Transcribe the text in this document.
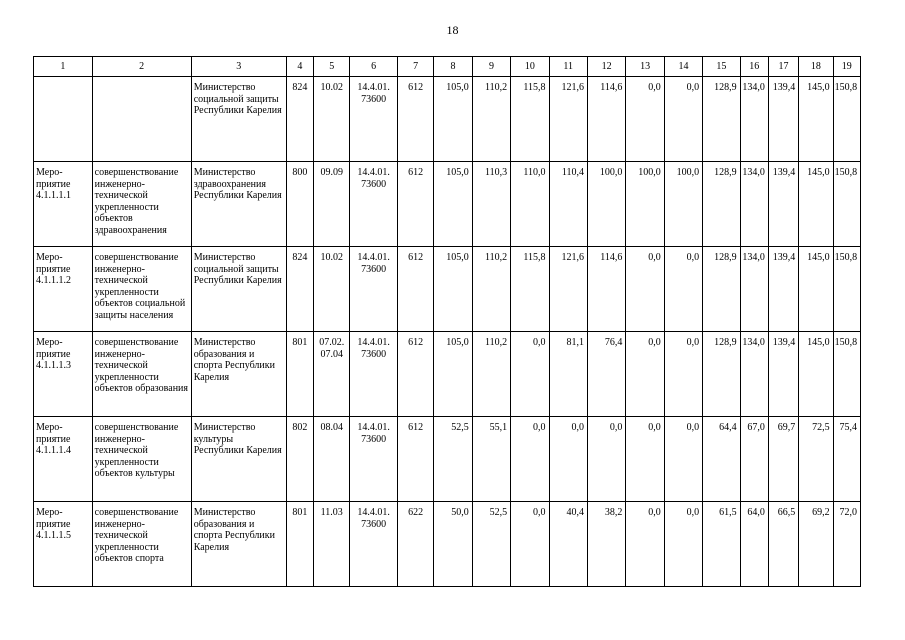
18
1	2	3	4	5	6	7	8	9	10	11	12	13	14	15	16	17	18	19
		Министерство социальной защиты Республики Карелия	824	10.02	14.4.01. 73600	612	105,0	110,2	115,8	121,6	114,6	0,0	0,0	128,9	134,0	139,4	145,0	150,8
Меро-приятие 4.1.1.1.1	совершенствование инженерно-технической укрепленности объектов здравоохранения	Министерство здравоохранения Республики Карелия	800	09.09	14.4.01. 73600	612	105,0	110,3	110,0	110,4	100,0	100,0	100,0	128,9	134,0	139,4	145,0	150,8
Меро-приятие 4.1.1.1.2	совершенствование инженерно-технической укрепленности объектов социальной защиты населения	Министерство социальной защиты Республики Карелия	824	10.02	14.4.01. 73600	612	105,0	110,2	115,8	121,6	114,6	0,0	0,0	128,9	134,0	139,4	145,0	150,8
Меро-приятие 4.1.1.1.3	совершенствование инженерно-технической укрепленности объектов образования	Министерство образования и спорта Республики Карелия	801	07.02. 07.04	14.4.01. 73600	612	105,0	110,2	0,0	81,1	76,4	0,0	0,0	128,9	134,0	139,4	145,0	150,8
Меро-приятие 4.1.1.1.4	совершенствование инженерно-технической укрепленности объектов культуры	Министерство культуры Республики Карелия	802	08.04	14.4.01. 73600	612	52,5	55,1	0,0	0,0	0,0	0,0	0,0	64,4	67,0	69,7	72,5	75,4
Меро-приятие 4.1.1.1.5	совершенствование инженерно-технической укрепленности объектов спорта	Министерство образования и спорта Республики Карелия	801	11.03	14.4.01. 73600	622	50,0	52,5	0,0	40,4	38,2	0,0	0,0	61,5	64,0	66,5	69,2	72,0
